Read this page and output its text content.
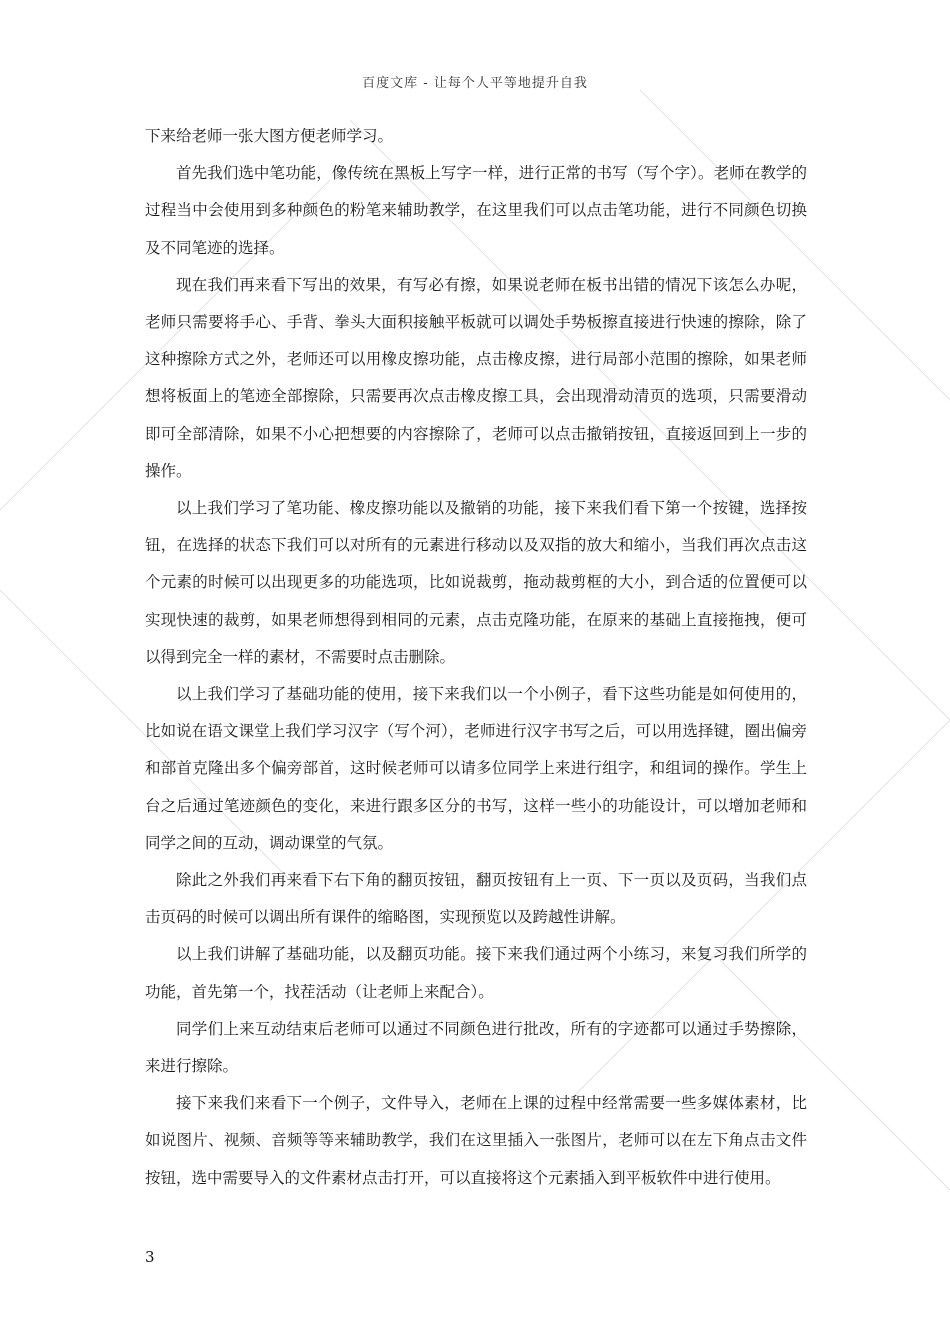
百度文库 - 让每个人平等地提升自我

下来给老师一张大图方便老师学习。

首先我们选中笔功能，像传统在黑板上写字一样，进行正常的书写（写个字）。老师在教学的过程当中会使用到多种颜色的粉笔来辅助教学，在这里我们可以点击笔功能，进行不同颜色切换及不同笔迹的选择。

现在我们再来看下写出的效果，有写必有擦，如果说老师在板书出错的情况下该怎么办呢，老师只需要将手心、手背、拳头大面积接触平板就可以调处手势板擦直接进行快速的擦除，除了这种擦除方式之外，老师还可以用橡皮擦功能，点击橡皮擦，进行局部小范围的擦除，如果老师想将板面上的笔迹全部擦除，只需要再次点击橡皮擦工具，会出现滑动清页的选项，只需要滑动即可全部清除，如果不小心把想要的内容擦除了，老师可以点击撤销按钮，直接返回到上一步的操作。

以上我们学习了笔功能、橡皮擦功能以及撤销的功能，接下来我们看下第一个按键，选择按钮，在选择的状态下我们可以对所有的元素进行移动以及双指的放大和缩小，当我们再次点击这个元素的时候可以出现更多的功能选项，比如说裁剪，拖动裁剪框的大小，到合适的位置便可以实现快速的裁剪，如果老师想得到相同的元素，点击克隆功能，在原来的基础上直接拖拽，便可以得到完全一样的素材，不需要时点击删除。

以上我们学习了基础功能的使用，接下来我们以一个小例子，看下这些功能是如何使用的，比如说在语文课堂上我们学习汉字（写个河），老师进行汉字书写之后，可以用选择键，圈出偏旁和部首克隆出多个偏旁部首，这时候老师可以请多位同学上来进行组字，和组词的操作。学生上台之后通过笔迹颜色的变化，来进行跟多区分的书写，这样一些小的功能设计，可以增加老师和同学之间的互动，调动课堂的气氛。

除此之外我们再来看下右下角的翻页按钮，翻页按钮有上一页、下一页以及页码，当我们点击页码的时候可以调出所有课件的缩略图，实现预览以及跨越性讲解。

以上我们讲解了基础功能，以及翻页功能。接下来我们通过两个小练习，来复习我们所学的功能，首先第一个，找茬活动（让老师上来配合）。

同学们上来互动结束后老师可以通过不同颜色进行批改，所有的字迹都可以通过手势擦除，来进行擦除。

接下来我们来看下一个例子，文件导入，老师在上课的过程中经常需要一些多媒体素材，比如说图片、视频、音频等等来辅助教学，我们在这里插入一张图片，老师可以在左下角点击文件按钮，选中需要导入的文件素材点击打开，可以直接将这个元素插入到平板软件中进行使用。

3
